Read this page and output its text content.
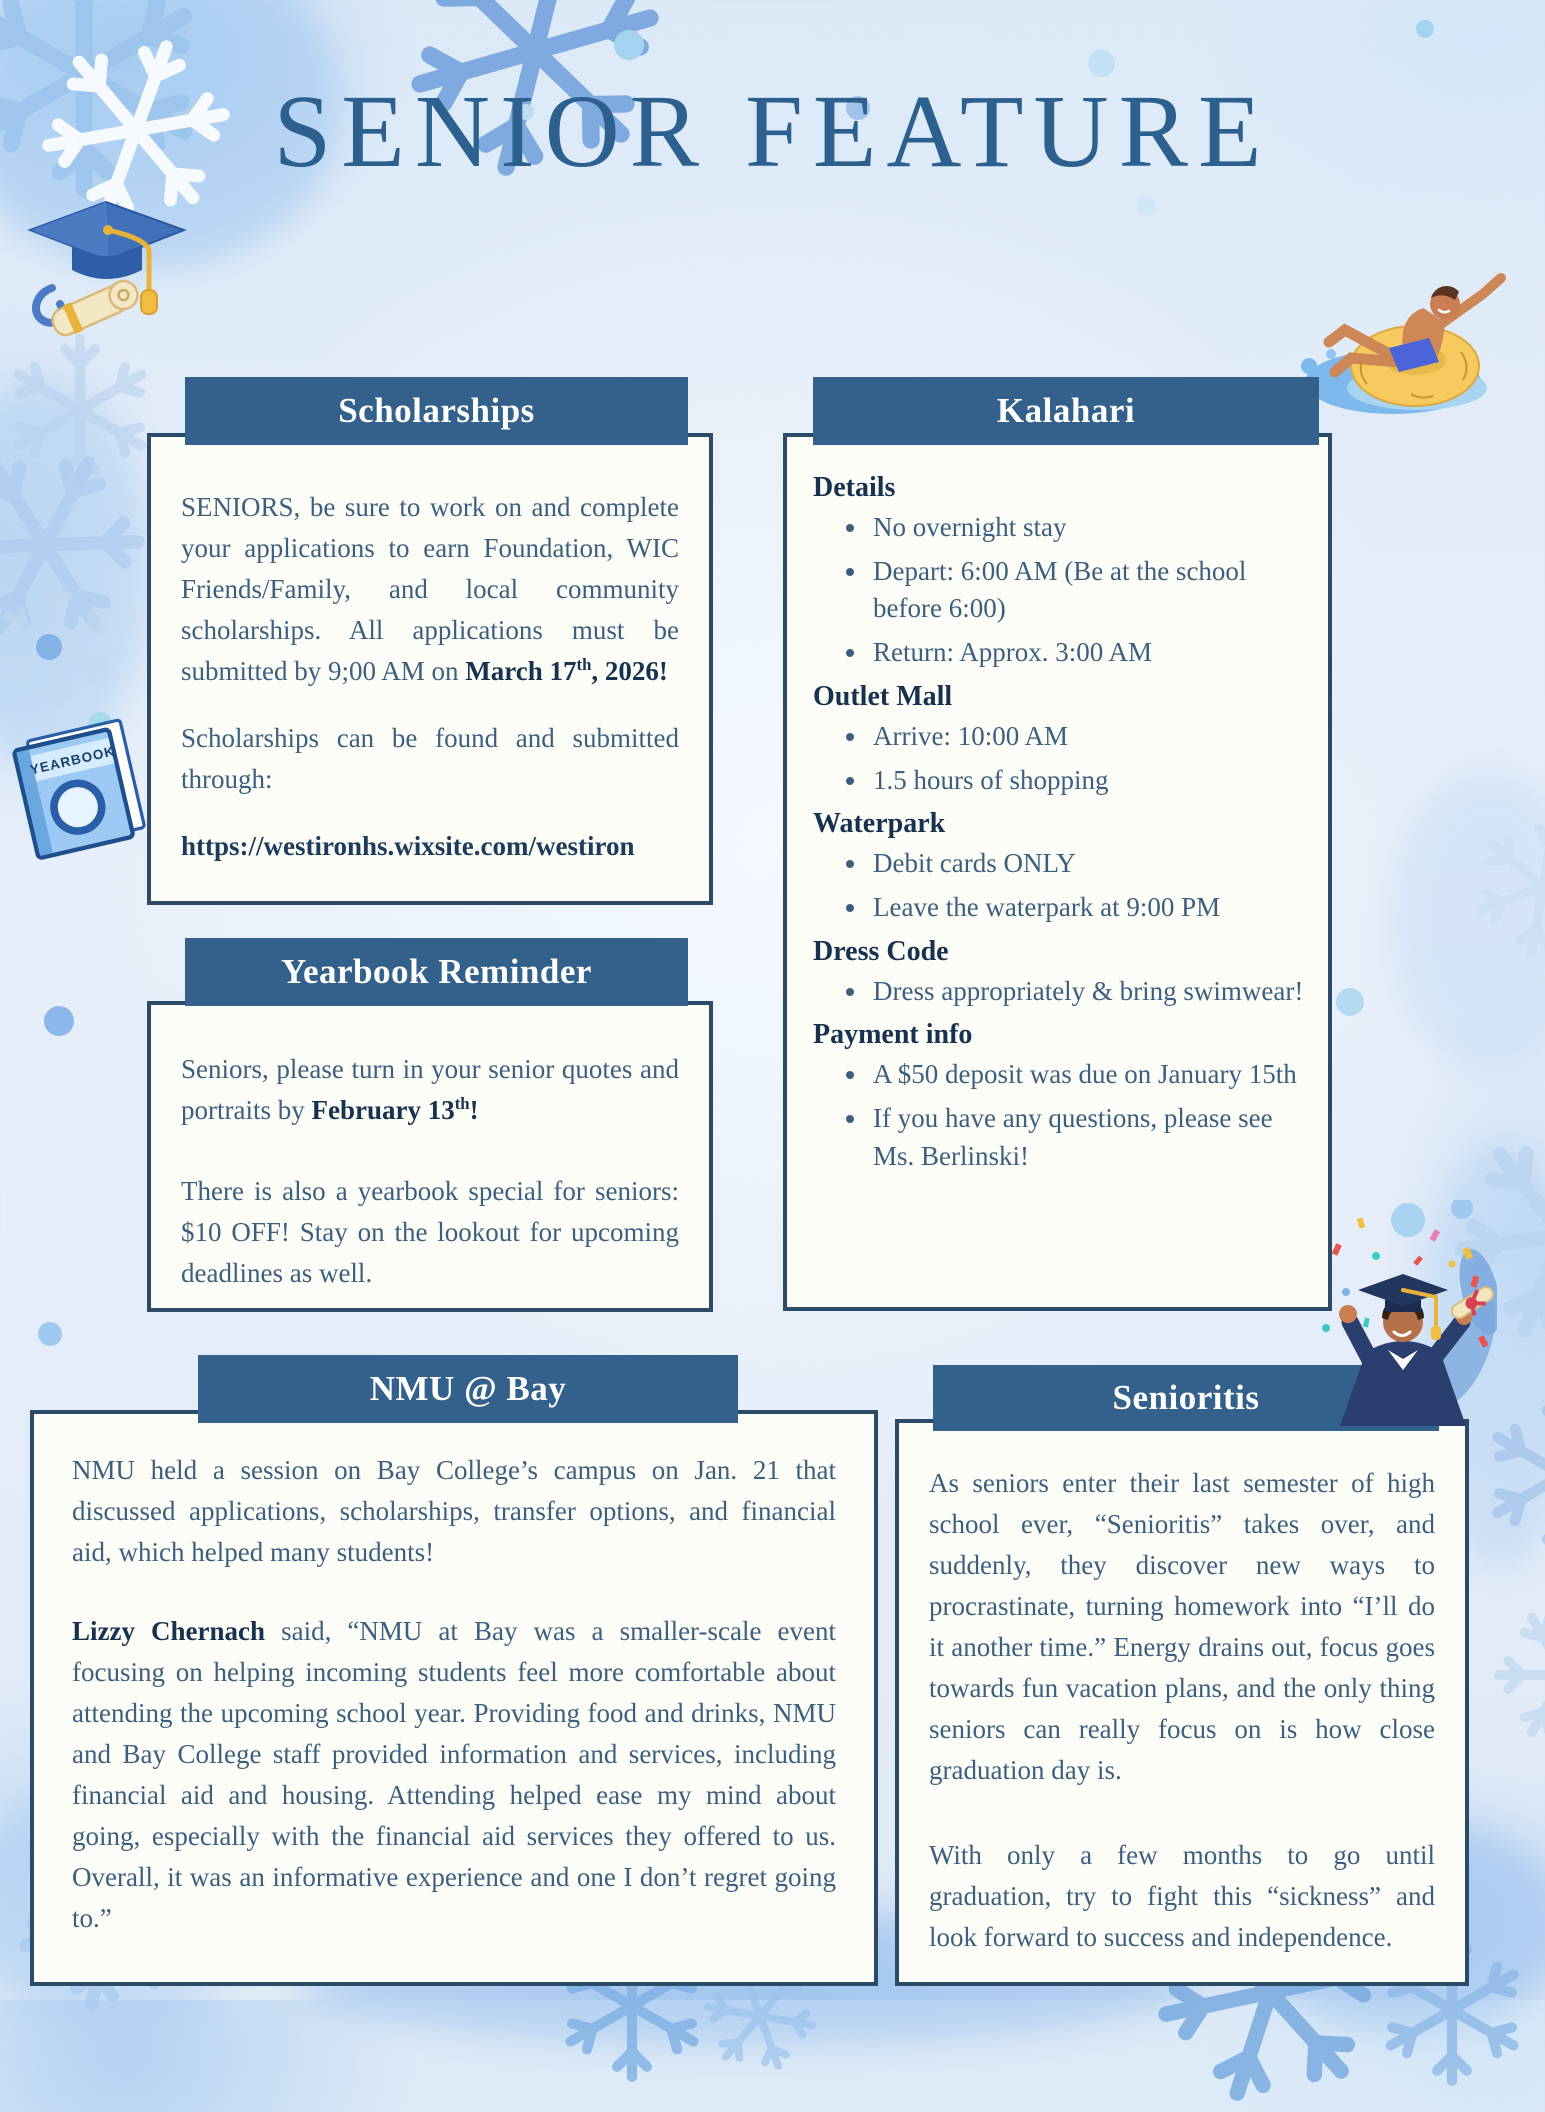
YEARBOOK
SENIOR FEATURE
Scholarships

SENIORS, be sure to work on and complete your applications to earn Foundation, WIC Friends/Family, and local community scholarships. All applications must be submitted by 9;00 AM on March 17th, 2026!

Scholarships can be found and submitted through:

https://westironhs.wixsite.com/westiron

Kalahari
Details
• No overnight stay
• Depart: 6:00 AM (Be at the school before 6:00)
• Return: Approx. 3:00 AM
Outlet Mall
• Arrive: 10:00 AM
• 1.5 hours of shopping
Waterpark
• Debit cards ONLY
• Leave the waterpark at 9:00 PM
Dress Code
• Dress appropriately & bring swimwear!
Payment info
• A $50 deposit was due on January 15th
• If you have any questions, please see Ms. Berlinski!
Yearbook Reminder

Seniors, please turn in your senior quotes and portraits by February 13th!

There is also a yearbook special for seniors: $10 OFF! Stay on the lookout for upcoming deadlines as well.

NMU @ Bay

NMU held a session on Bay College’s campus on Jan. 21 that discussed applications, scholarships, transfer options, and financial aid, which helped many students!

Lizzy Chernach said, “NMU at Bay was a smaller-scale event focusing on helping incoming students feel more comfortable about attending the upcoming school year. Providing food and drinks, NMU and Bay College staff provided information and services, including financial aid and housing. Attending helped ease my mind about going, especially with the financial aid services they offered to us. Overall, it was an informative experience and one I don’t regret going to.”

Senioritis

As seniors enter their last semester of high school ever, “Senioritis” takes over, and suddenly, they discover new ways to procrastinate, turning homework into “I’ll do it another time.” Energy drains out, focus goes towards fun vacation plans, and the only thing seniors can really focus on is how close graduation day is.

With only a few months to go until graduation, try to fight this “sickness” and look forward to success and independence.
